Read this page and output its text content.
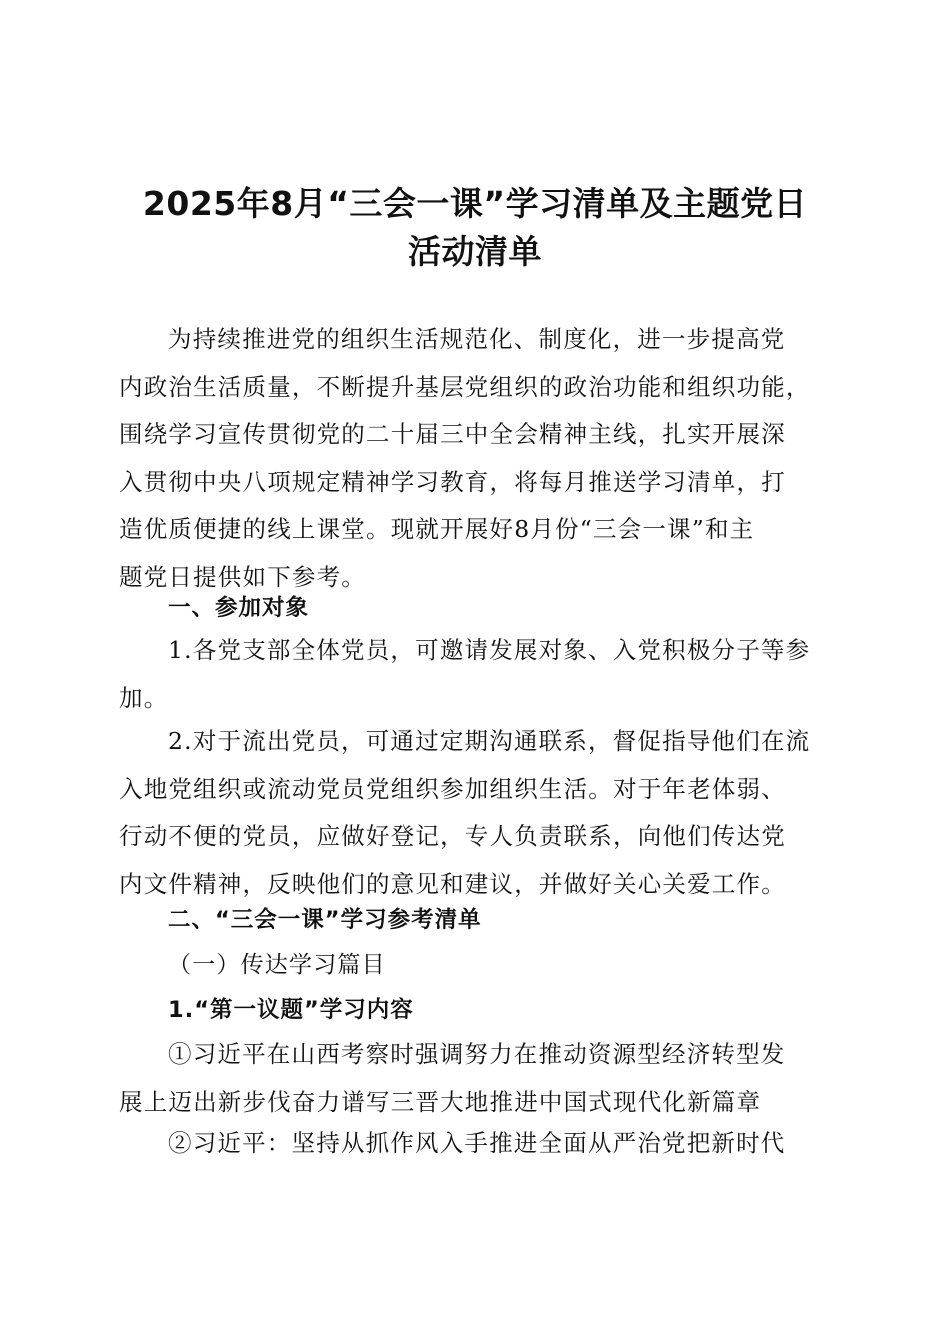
2025年8月“三会一课”学习清单及主题党日
活动清单
为持续推进党的组织生活规范化、制度化，进一步提高党
内政治生活质量，不断提升基层党组织的政治功能和组织功能，
围绕学习宣传贯彻党的二十届三中全会精神主线，扎实开展深
入贯彻中央八项规定精神学习教育，将每月推送学习清单，打
造优质便捷的线上课堂。现就开展好8月份“三会一课”和主
题党日提供如下参考。
一、参加对象
1.各党支部全体党员，可邀请发展对象、入党积极分子等参
加。
2.对于流出党员，可通过定期沟通联系，督促指导他们在流
入地党组织或流动党员党组织参加组织生活。对于年老体弱、
行动不便的党员，应做好登记，专人负责联系，向他们传达党
内文件精神，反映他们的意见和建议，并做好关心关爱工作。
二、“三会一课”学习参考清单
（一）传达学习篇目
1.“第一议题”学习内容
①习近平在山西考察时强调努力在推动资源型经济转型发
展上迈出新步伐奋力谱写三晋大地推进中国式现代化新篇章
②习近平：坚持从抓作风入手推进全面从严治党把新时代
